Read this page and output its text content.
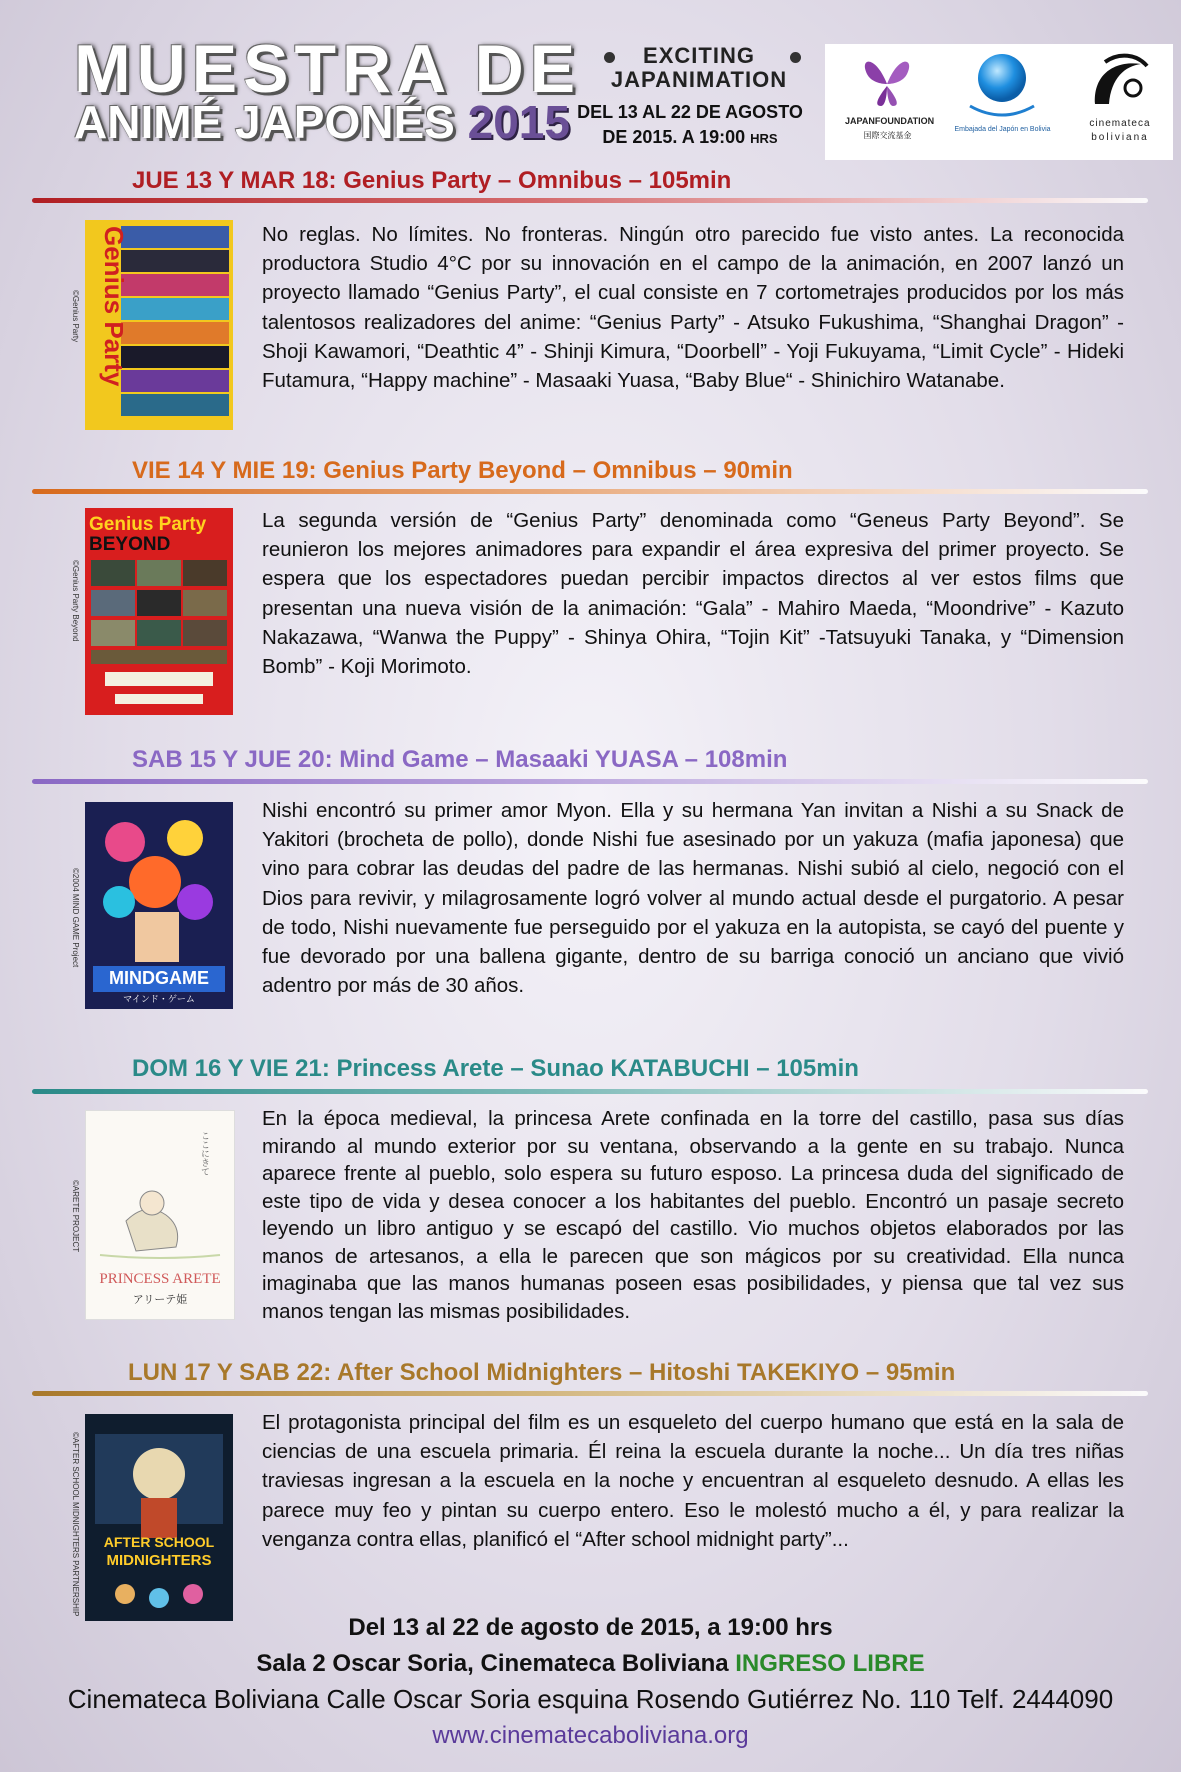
MUESTRA DE
ANIMÉ JAPONÉS 2015
EXCITING
JAPANIMATION
DEL 13 AL 22 DE AGOSTO
DE 2015. A 19:00 HRS
JAPANFOUNDATION
国際交流基金
Embajada del Japón en Bolivia
cinemateca
boliviana
JUE 13 Y MAR 18: Genius Party – Omnibus – 105min
Genius Party
©Genius Party
No reglas. No límites. No fronteras. Ningún otro parecido fue visto antes. La reconocida productora Studio 4°C por su innovación en el campo de la animación, en 2007 lanzó un proyecto llamado “Genius Party”, el cual consiste en 7 cortometrajes producidos por los más talentosos realizadores del anime: “Genius Party” - Atsuko Fukushima, “Shanghai Dragon” - Shoji Kawamori, “Deathtic 4” - Shinji Kimura, “Doorbell” - Yoji Fukuyama, “Limit Cycle” - Hideki Futamura, “Happy machine” - Masaaki Yuasa, “Baby Blue“ - Shinichiro Watanabe.
VIE 14 Y MIE 19: Genius Party Beyond – Omnibus – 90min
Genius Party
BEYOND
©Genius Party Beyond
La segunda versión de “Genius Party” denominada como “Geneus Party Beyond”. Se reunieron los mejores animadores para expandir el área expresiva del primer proyecto. Se espera que los espectadores puedan percibir impactos directos al ver estos films que presentan una nueva visión de la animación: “Gala” - Mahiro Maeda, “Moondrive” - Kazuto Nakazawa, “Wanwa the Puppy” - Shinya Ohira, “Tojin Kit” -Tatsuyuki Tanaka, y “Dimension Bomb” - Koji Morimoto.
SAB 15 Y JUE 20: Mind Game – Masaaki YUASA – 108min
MINDGAME
マインド・ゲーム
©2004 MIND GAME Project
Nishi encontró su primer amor Myon. Ella y su hermana Yan invitan a Nishi a su Snack de Yakitori (brocheta de pollo), donde Nishi fue asesinado por un yakuza (mafia japonesa) que vino para cobrar las deudas del padre de las hermanas. Nishi subió al cielo, negoció con el Dios para revivir, y milagrosamente logró volver al mundo actual desde el purgatorio. A pesar de todo, Nishi nuevamente fue perseguido por el yakuza en la autopista, se cayó del puente y fue devorado por una ballena gigante, dentro de su barriga conoció un anciano que vivió adentro por más de 30 años.
DOM 16 Y VIE 21: Princess Arete – Sunao KATABUCHI – 105min
ここにきて
PRINCESS ARETE
アリーテ姫
©ARETE PROJECT
En la época medieval, la princesa Arete confinada en la torre del castillo, pasa sus días mirando al mundo exterior por su ventana, observando a la gente en su trabajo. Nunca aparece frente al pueblo, solo espera su futuro esposo. La princesa duda del significado de este tipo de vida y desea conocer a los habitantes del pueblo. Encontró un pasaje secreto leyendo un libro antiguo y se escapó del castillo. Vio muchos objetos elaborados por las manos de artesanos, a ella le parecen que son mágicos por su creatividad. Ella nunca imaginaba que las manos humanas poseen esas posibilidades, y piensa que tal vez sus manos tengan las mismas posibilidades.
LUN 17 Y SAB 22: After School Midnighters – Hitoshi TAKEKIYO – 95min
AFTER SCHOOL
MIDNIGHTERS
©AFTER SCHOOL MIDNIGHTERS PARTNERSHIP
El protagonista principal del film es un esqueleto del cuerpo humano que está en la sala de ciencias de una escuela primaria. Él reina la escuela durante la noche... Un día tres niñas traviesas ingresan a la escuela en la noche y encuentran al esqueleto desnudo. A ellas les parece muy feo y pintan su cuerpo entero. Eso le molestó mucho a él, y para realizar la venganza contra ellas, planificó el “After school midnight party”...
Del 13 al 22 de agosto de 2015, a 19:00 hrs
Sala 2 Oscar Soria, Cinemateca Boliviana INGRESO LIBRE
Cinemateca Boliviana Calle Oscar Soria esquina Rosendo Gutiérrez No. 110 Telf. 2444090
www.cinematecaboliviana.org
